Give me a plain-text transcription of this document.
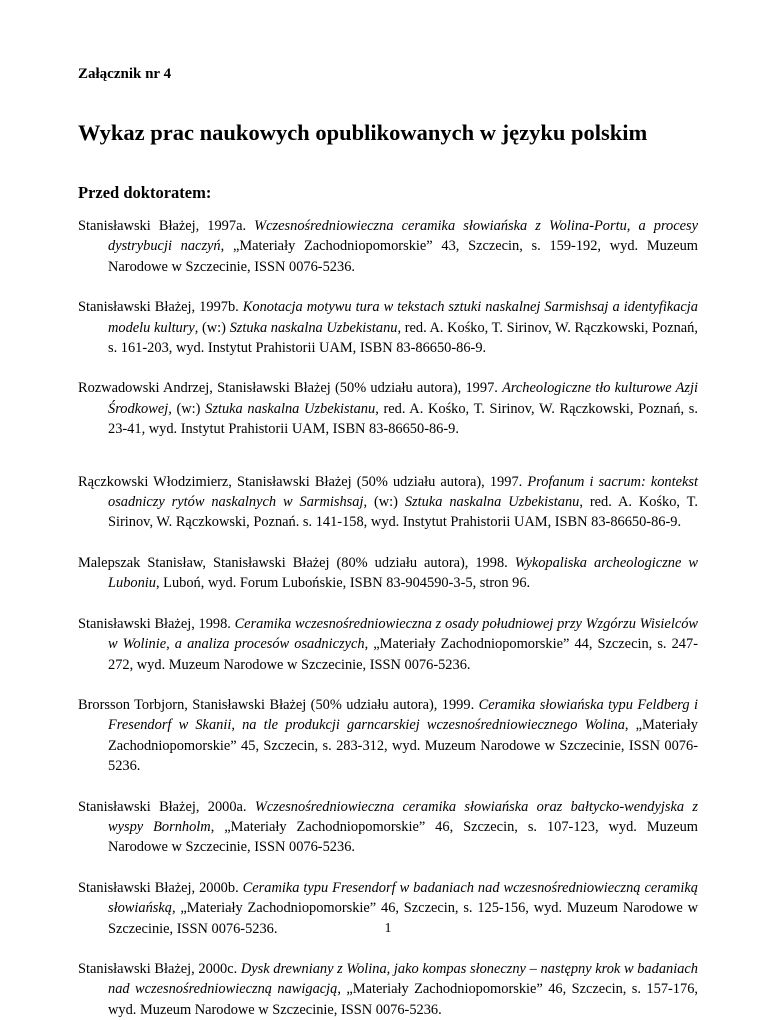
Załącznik nr 4
Wykaz prac naukowych opublikowanych w języku polskim
Przed doktoratem:

Stanisławski Błażej, 1997a. Wczesnośredniowieczna ceramika słowiańska z Wolina-Portu, a procesy dystrybucji naczyń, „Materiały Zachodniopomorskie” 43, Szczecin, s. 159-192, wyd. Muzeum Narodowe w Szczecinie, ISSN 0076-5236.

Stanisławski Błażej, 1997b. Konotacja motywu tura w tekstach sztuki naskalnej Sarmishsaj a identyfikacja modelu kultury, (w:) Sztuka naskalna Uzbekistanu, red. A. Kośko, T. Sirinov, W. Rączkowski, Poznań, s. 161-203, wyd. Instytut Prahistorii UAM, ISBN 83-86650-86-9.

Rozwadowski Andrzej, Stanisławski Błażej (50% udziału autora), 1997. Archeologiczne tło kulturowe Azji Środkowej, (w:) Sztuka naskalna Uzbekistanu, red. A. Kośko, T. Sirinov, W. Rączkowski, Poznań, s. 23-41, wyd. Instytut Prahistorii UAM, ISBN 83-86650-86-9.

Rączkowski Włodzimierz, Stanisławski Błażej (50% udziału autora), 1997. Profanum i sacrum: kontekst osadniczy rytów naskalnych w Sarmishsaj, (w:) Sztuka naskalna Uzbekistanu, red. A. Kośko, T. Sirinov, W. Rączkowski, Poznań. s. 141-158, wyd. Instytut Prahistorii UAM, ISBN 83-86650-86-9.

Malepszak Stanisław, Stanisławski Błażej (80% udziału autora), 1998. Wykopaliska archeologiczne w Luboniu, Luboń, wyd. Forum Lubońskie, ISBN 83-904590-3-5, stron 96.

Stanisławski Błażej, 1998. Ceramika wczesnośredniowieczna z osady południowej przy Wzgórzu Wisielców w Wolinie, a analiza procesów osadniczych, „Materiały Zachodniopomorskie” 44, Szczecin, s. 247-272, wyd. Muzeum Narodowe w Szczecinie, ISSN 0076-5236.

Brorsson Torbjorn, Stanisławski Błażej (50% udziału autora), 1999. Ceramika słowiańska typu Feldberg i Fresendorf w Skanii, na tle produkcji garncarskiej wczesnośredniowiecznego Wolina, „Materiały Zachodniopomorskie” 45, Szczecin, s. 283-312, wyd. Muzeum Narodowe w Szczecinie, ISSN 0076-5236.

Stanisławski Błażej, 2000a. Wczesnośredniowieczna ceramika słowiańska oraz bałtycko-wendyjska z wyspy Bornholm, „Materiały Zachodniopomorskie” 46, Szczecin, s. 107-123, wyd. Muzeum Narodowe w Szczecinie, ISSN 0076-5236.

Stanisławski Błażej, 2000b. Ceramika typu Fresendorf w badaniach nad wczesnośredniowieczną ceramiką słowiańską, „Materiały Zachodniopomorskie” 46, Szczecin, s. 125-156, wyd. Muzeum Narodowe w Szczecinie, ISSN 0076-5236.

Stanisławski Błażej, 2000c. Dysk drewniany z Wolina, jako kompas słoneczny – następny krok w badaniach nad wczesnośredniowieczną nawigacją, „Materiały Zachodniopomorskie” 46, Szczecin, s. 157-176, wyd. Muzeum Narodowe w Szczecinie, ISSN 0076-5236.

1
